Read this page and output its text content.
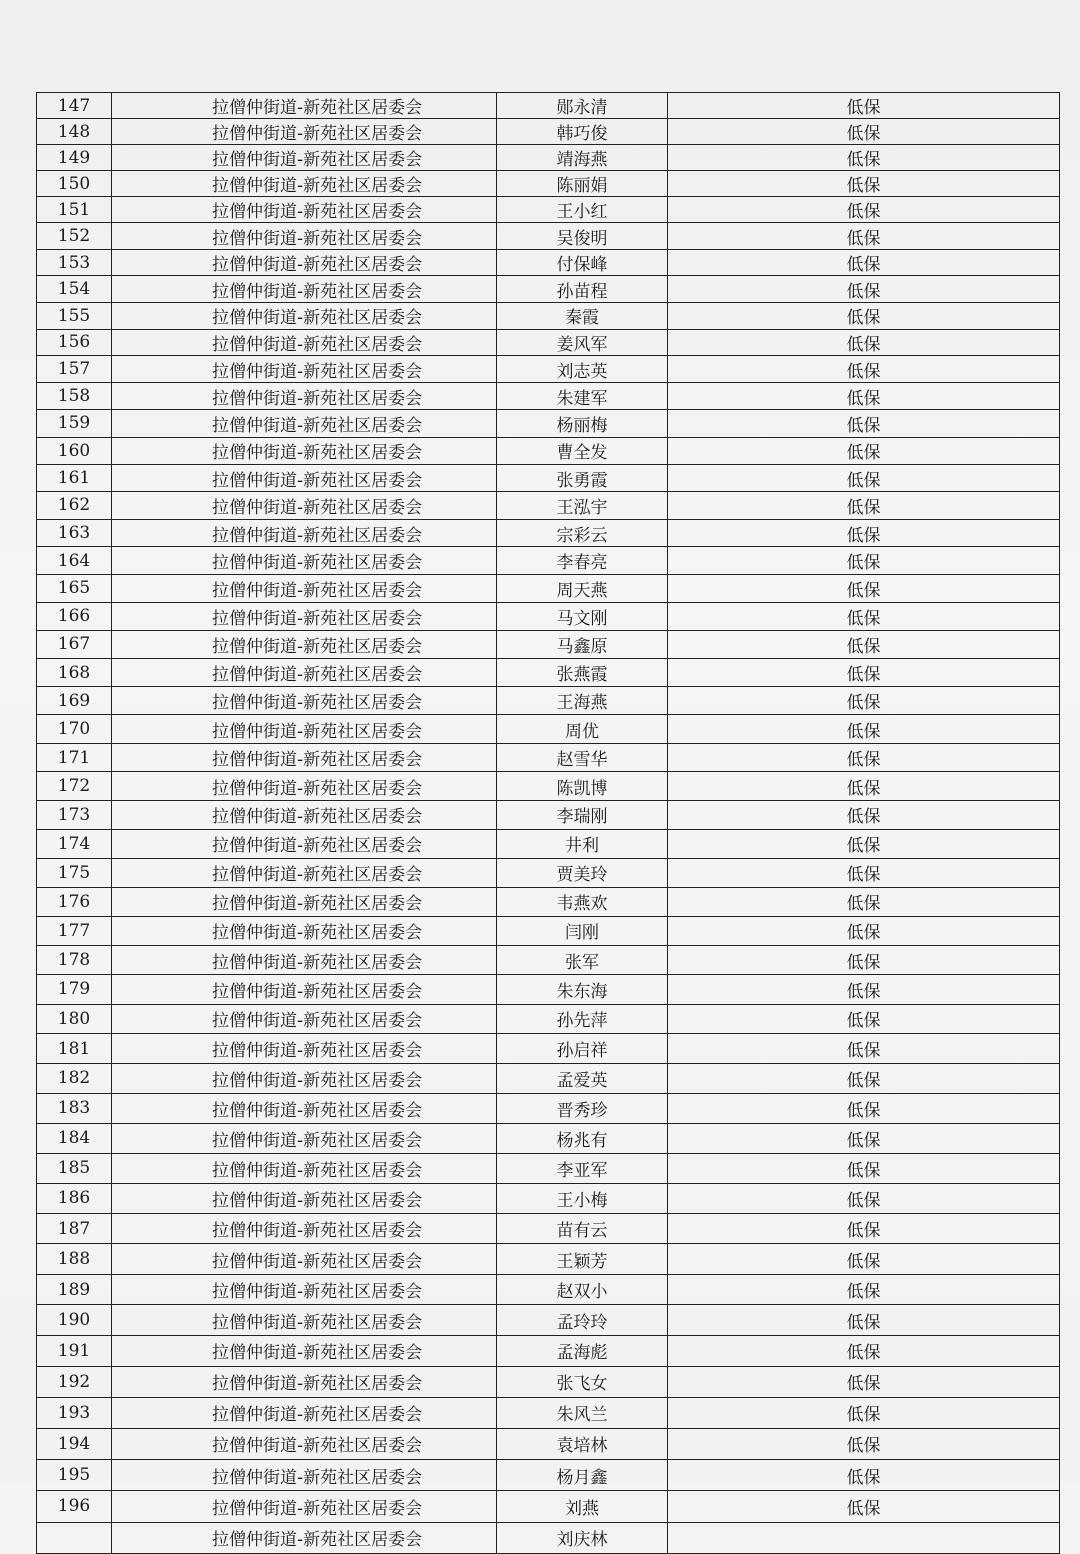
147	拉僧仲街道-新苑社区居委会	郧永清	低保
148	拉僧仲街道-新苑社区居委会	韩巧俊	低保
149	拉僧仲街道-新苑社区居委会	靖海燕	低保
150	拉僧仲街道-新苑社区居委会	陈丽娟	低保
151	拉僧仲街道-新苑社区居委会	王小红	低保
152	拉僧仲街道-新苑社区居委会	吴俊明	低保
153	拉僧仲街道-新苑社区居委会	付保峰	低保
154	拉僧仲街道-新苑社区居委会	孙苗程	低保
155	拉僧仲街道-新苑社区居委会	秦霞	低保
156	拉僧仲街道-新苑社区居委会	姜风军	低保
157	拉僧仲街道-新苑社区居委会	刘志英	低保
158	拉僧仲街道-新苑社区居委会	朱建军	低保
159	拉僧仲街道-新苑社区居委会	杨丽梅	低保
160	拉僧仲街道-新苑社区居委会	曹全发	低保
161	拉僧仲街道-新苑社区居委会	张勇霞	低保
162	拉僧仲街道-新苑社区居委会	王泓宇	低保
163	拉僧仲街道-新苑社区居委会	宗彩云	低保
164	拉僧仲街道-新苑社区居委会	李春亮	低保
165	拉僧仲街道-新苑社区居委会	周天燕	低保
166	拉僧仲街道-新苑社区居委会	马文刚	低保
167	拉僧仲街道-新苑社区居委会	马鑫原	低保
168	拉僧仲街道-新苑社区居委会	张燕霞	低保
169	拉僧仲街道-新苑社区居委会	王海燕	低保
170	拉僧仲街道-新苑社区居委会	周优	低保
171	拉僧仲街道-新苑社区居委会	赵雪华	低保
172	拉僧仲街道-新苑社区居委会	陈凯博	低保
173	拉僧仲街道-新苑社区居委会	李瑞刚	低保
174	拉僧仲街道-新苑社区居委会	井利	低保
175	拉僧仲街道-新苑社区居委会	贾美玲	低保
176	拉僧仲街道-新苑社区居委会	韦燕欢	低保
177	拉僧仲街道-新苑社区居委会	闫刚	低保
178	拉僧仲街道-新苑社区居委会	张军	低保
179	拉僧仲街道-新苑社区居委会	朱东海	低保
180	拉僧仲街道-新苑社区居委会	孙先萍	低保
181	拉僧仲街道-新苑社区居委会	孙启祥	低保
182	拉僧仲街道-新苑社区居委会	孟爱英	低保
183	拉僧仲街道-新苑社区居委会	晋秀珍	低保
184	拉僧仲街道-新苑社区居委会	杨兆有	低保
185	拉僧仲街道-新苑社区居委会	李亚军	低保
186	拉僧仲街道-新苑社区居委会	王小梅	低保
187	拉僧仲街道-新苑社区居委会	苗有云	低保
188	拉僧仲街道-新苑社区居委会	王颖芳	低保
189	拉僧仲街道-新苑社区居委会	赵双小	低保
190	拉僧仲街道-新苑社区居委会	孟玲玲	低保
191	拉僧仲街道-新苑社区居委会	孟海彪	低保
192	拉僧仲街道-新苑社区居委会	张飞女	低保
193	拉僧仲街道-新苑社区居委会	朱风兰	低保
194	拉僧仲街道-新苑社区居委会	袁培林	低保
195	拉僧仲街道-新苑社区居委会	杨月鑫	低保
196	拉僧仲街道-新苑社区居委会	刘燕	低保
	拉僧仲街道-新苑社区居委会	刘庆林	
